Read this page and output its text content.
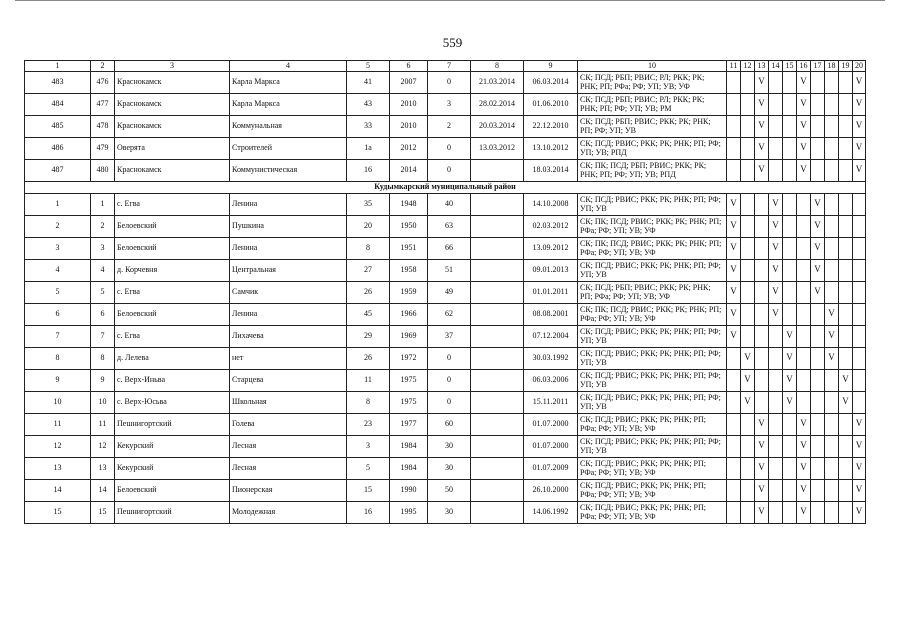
559
1	2	3	4	5	6	7	8	9	10	11	12	13	14	15	16	17	18	19	20
483	476	Краснокамск	Карла Маркса	41	2007	0	21.03.2014	06.03.2014	СК; ПСД; РБП; РВИС; РЛ; РКК; РК; РНК; РП; РФа; РФ; УП; УВ; УФ			V			V				V
484	477	Краснокамск	Карла Маркса	43	2010	3	28.02.2014	01.06.2010	СК; ПСД; РБП; РВИС; РЛ; РКК; РК; РНК; РП; РФ; УП; УВ; РМ			V			V				V
485	478	Краснокамск	Коммунальная	33	2010	2	20.03.2014	22.12.2010	СК; ПСД; РБП; РВИС; РКК; РК; РНК; РП; РФ; УП; УВ			V			V				V
486	479	Оверята	Строителей	1а	2012	0	13.03.2012	13.10.2012	СК; ПСД; РВИС; РКК; РК; РНК; РП; РФ; УП; УВ; РПД			V			V				V
487	480	Краснокамск	Коммунистическая	16	2014	0		18.03.2014	СК; ПК; ПСД; РБП; РВИС; РКК; РК; РНК; РП; РФ; УП; УВ; РПД			V			V				V
Кудымкарский муниципальный район																			
1	1	с. Егва	Ленина	35	1948	40		14.10.2008	СК; ПСД; РВИС; РКК; РК; РНК; РП; РФ; УП; УВ	V			V			V			
2	2	Белоевский	Пушкина	20	1950	63		02.03.2012	СК; ПК; ПСД; РВИС; РКК; РК; РНК; РП; РФа; РФ; УП; УВ; УФ	V			V			V			
3	3	Белоевский	Ленина	8	1951	66		13.09.2012	СК; ПК; ПСД; РВИС; РКК; РК; РНК; РП; РФа; РФ; УП; УВ; УФ	V			V			V			
4	4	д. Корчевня	Центральная	27	1958	51		09.01.2013	СК; ПСД; РВИС; РКК; РК; РНК; РП; РФ; УП; УВ	V			V			V			
5	5	с. Егва	Самчик	26	1959	49		01.01.2011	СК; ПСД; РБП; РВИС; РКК; РК; РНК; РП; РФа; РФ; УП; УВ; УФ	V			V			V			
6	6	Белоевский	Ленина	45	1966	62		08.08.2001	СК; ПК; ПСД; РВИС; РКК; РК; РНК; РП; РФа; РФ; УП; УВ; УФ	V			V				V		
7	7	с. Егва	Лихачева	29	1969	37		07.12.2004	СК; ПСД; РВИС; РКК; РК; РНК; РП; РФ; УП; УВ	V				V			V		
8	8	д. Лелева	нет	26	1972	0		30.03.1992	СК; ПСД; РВИС; РКК; РК; РНК; РП; РФ; УП; УВ		V			V			V		
9	9	с. Верх-Иньва	Старцева	11	1975	0		06.03.2006	СК; ПСД; РВИС; РКК; РК; РНК; РП; РФ; УП; УВ		V			V				V	
10	10	с. Верх-Юсьва	Школьная	8	1975	0		15.11.2011	СК; ПСД; РВИС; РКК; РК; РНК; РП; РФ; УП; УВ		V			V				V	
11	11	Пешнигортский	Голева	23	1977	60		01.07.2000	СК; ПСД; РВИС; РКК; РК; РНК; РП; РФа; РФ; УП; УВ; УФ			V			V				V
12	12	Кекурский	Лесная	3	1984	30		01.07.2000	СК; ПСД; РВИС; РКК; РК; РНК; РП; РФ; УП; УВ			V			V				V
13	13	Кекурский	Лесная	5	1984	30		01.07.2009	СК; ПСД; РВИС; РКК; РК; РНК; РП; РФа; РФ; УП; УВ; УФ			V			V				V
14	14	Белоевский	Пионерская	15	1990	50		26.10.2000	СК; ПСД; РВИС; РКК; РК; РНК; РП; РФа; РФ; УП; УВ; УФ			V			V				V
15	15	Пешнигортский	Молодежная	16	1995	30		14.06.1992	СК; ПСД; РВИС; РКК; РК; РНК; РП; РФа; РФ; УП; УВ; УФ			V			V				V
